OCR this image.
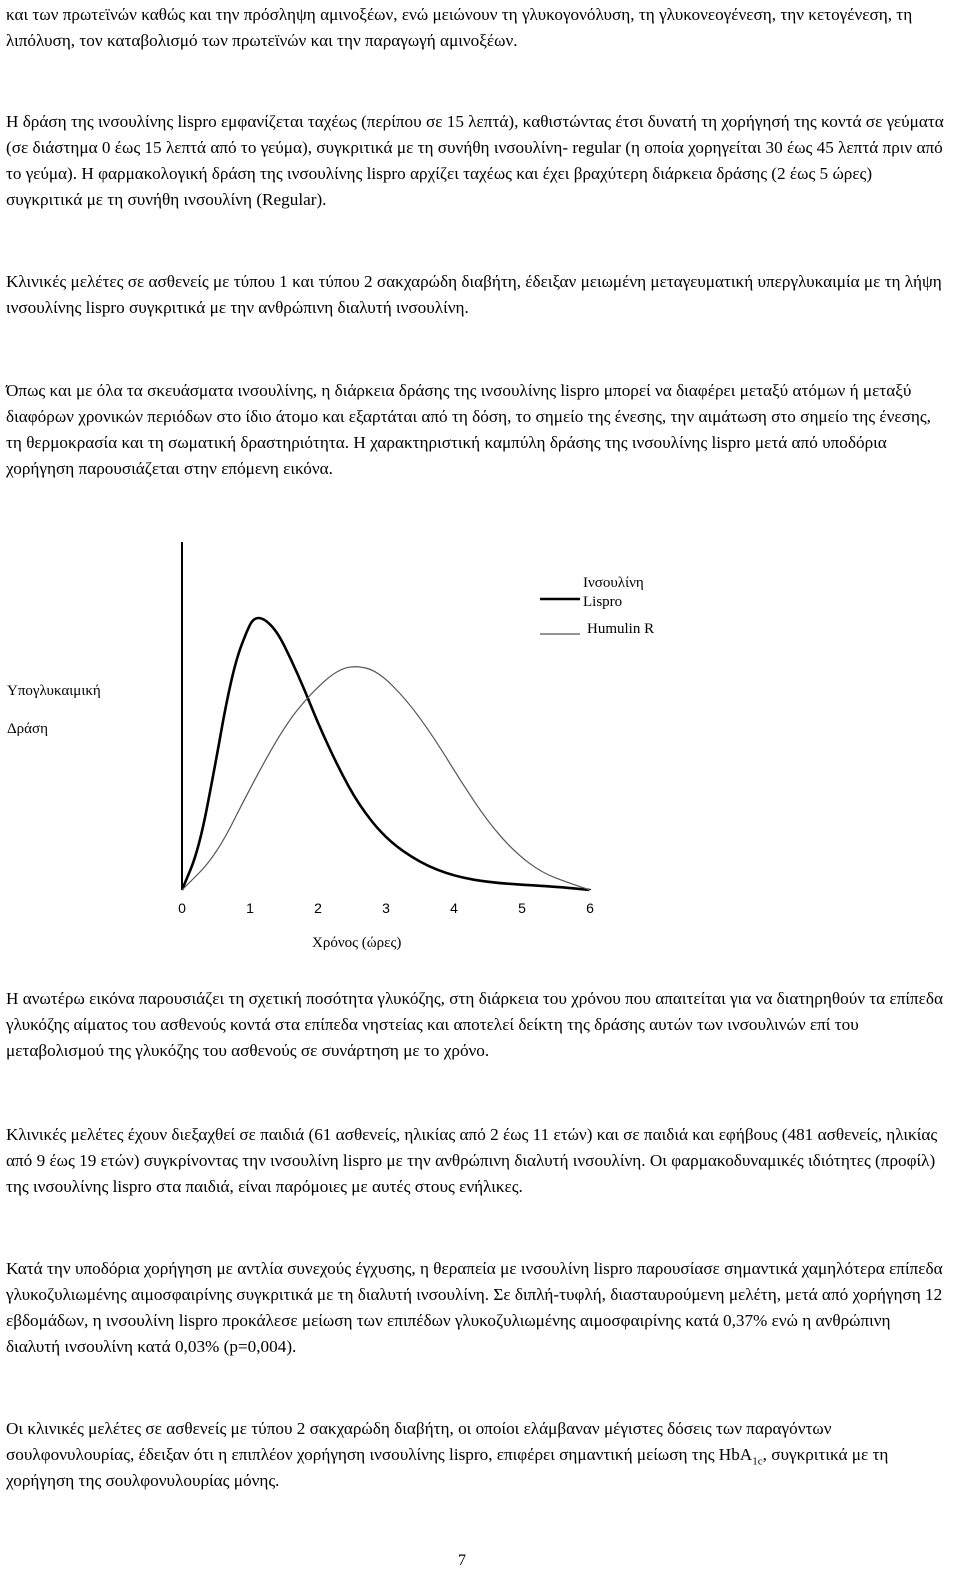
και των πρωτεϊνών καθώς και την πρόσληψη αμινοξέων, ενώ μειώνουν τη γλυκογονόλυση, τη γλυκονεογένεση, την κετογένεση, τη λιπόλυση, τον καταβολισμό των πρωτεϊνών και την παραγωγή αμινοξέων.

Η δράση της ινσουλίνης lispro εμφανίζεται ταχέως (περίπου σε 15 λεπτά), καθιστώντας έτσι δυνατή τη χορήγησή της κοντά σε γεύματα (σε διάστημα 0 έως 15 λεπτά από το γεύμα), συγκριτικά με τη συνήθη ινσουλίνη- regular (η οποία χορηγείται 30 έως 45 λεπτά πριν από το γεύμα). Η φαρμακολογική δράση της ινσουλίνης lispro αρχίζει ταχέως και έχει βραχύτερη διάρκεια δράσης (2 έως 5 ώρες) συγκριτικά με τη συνήθη ινσουλίνη (Regular).

Κλινικές μελέτες σε ασθενείς με τύπου 1 και τύπου 2 σακχαρώδη διαβήτη, έδειξαν μειωμένη μεταγευματική υπεργλυκαιμία με τη λήψη ινσουλίνης lispro συγκριτικά με την ανθρώπινη διαλυτή ινσουλίνη.

Όπως και με όλα τα σκευάσματα ινσουλίνης, η διάρκεια δράσης της ινσουλίνης lispro μπορεί να διαφέρει μεταξύ ατόμων ή μεταξύ διαφόρων χρονικών περιόδων στο ίδιο άτομο και εξαρτάται από τη δόση, το σημείο της ένεσης, την αιμάτωση στο σημείο της ένεσης, τη θερμοκρασία και τη σωματική δραστηριότητα. Η χαρακτηριστική καμπύλη δράσης της ινσουλίνης lispro μετά από υποδόρια χορήγηση παρουσιάζεται στην επόμενη εικόνα.

0	1	2	3	4	5	6
Υπογλυκαιμική
Δράση
Χρόνος (ώρες)
Ινσουλίνη
Lispro
Humulin R

Η ανωτέρω εικόνα παρουσιάζει τη σχετική ποσότητα γλυκόζης, στη διάρκεια του χρόνου που απαιτείται για να διατηρηθούν τα επίπεδα γλυκόζης αίματος του ασθενούς κοντά στα επίπεδα νηστείας και αποτελεί δείκτη της δράσης αυτών των ινσουλινών επί του μεταβολισμού της γλυκόζης του ασθενούς σε συνάρτηση με το χρόνο.

Κλινικές μελέτες έχουν διεξαχθεί σε παιδιά (61 ασθενείς, ηλικίας από 2 έως 11 ετών) και σε παιδιά και εφήβους (481 ασθενείς, ηλικίας από 9 έως 19 ετών) συγκρίνοντας την ινσουλίνη lispro με την ανθρώπινη διαλυτή ινσουλίνη. Οι φαρμακοδυναμικές ιδιότητες (προφίλ) της ινσουλίνης lispro στα παιδιά, είναι παρόμοιες με αυτές στους ενήλικες.

Κατά την υποδόρια χορήγηση με αντλία συνεχούς έγχυσης, η θεραπεία με ινσουλίνη lispro παρουσίασε σημαντικά χαμηλότερα επίπεδα γλυκοζυλιωμένης αιμοσφαιρίνης συγκριτικά με τη διαλυτή ινσουλίνη. Σε διπλή-τυφλή, διασταυρούμενη μελέτη, μετά από χορήγηση 12 εβδομάδων, η ινσουλίνη lispro προκάλεσε μείωση των επιπέδων γλυκοζυλιωμένης αιμοσφαιρίνης κατά 0,37% ενώ η ανθρώπινη διαλυτή ινσουλίνη κατά 0,03% (p=0,004).

Οι κλινικές μελέτες σε ασθενείς με τύπου 2 σακχαρώδη διαβήτη, οι οποίοι ελάμβαναν μέγιστες δόσεις των παραγόντων σουλφονυλουρίας, έδειξαν ότι η επιπλέον χορήγηση ινσουλίνης lispro, επιφέρει σημαντική μείωση της HbA$_{1c}$, συγκριτικά με τη χορήγηση της σουλφονυλουρίας μόνης.

7
